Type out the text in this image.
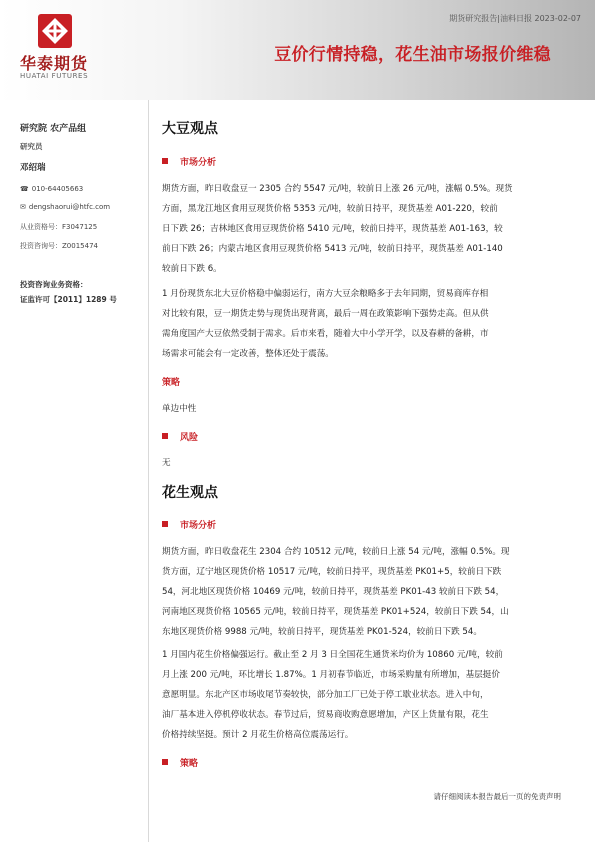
华泰期货
HUATAI FUTURES
期货研究报告|油料日报 2023-02-07
豆价行情持稳，花生油市场报价维稳
研究院 农产品组
研究员
邓绍瑞
☎ 010-64405663
✉ dengshaorui@htfc.com
从业资格号：F3047125
投资咨询号：Z0015474
投资咨询业务资格：
证监许可【2011】1289 号
大豆观点
市场分析
期货方面，昨日收盘豆一 2305 合约 5547 元/吨，较前日上涨 26 元/吨，涨幅 0.5%。现货
方面，黑龙江地区食用豆现货价格 5353 元/吨，较前日持平，现货基差 A01-220，较前
日下跌 26；吉林地区食用豆现货价格 5410 元/吨，较前日持平，现货基差 A01-163，较
前日下跌 26；内蒙古地区食用豆现货价格 5413 元/吨，较前日持平，现货基差 A01-140
较前日下跌 6。
1 月份现货东北大豆价格稳中偏弱运行，南方大豆余粮略多于去年同期，贸易商库存相
对比较有限，豆一期货走势与现货出现背离，最后一周在政策影响下强势走高。但从供
需角度国产大豆依然受制于需求。后市来看，随着大中小学开学，以及春耕的备耕，市
场需求可能会有一定改善，整体还处于震荡。
策略
单边中性
风险
无
花生观点
市场分析
期货方面，昨日收盘花生 2304 合约 10512 元/吨，较前日上涨 54 元/吨，涨幅 0.5%。现
货方面，辽宁地区现货价格 10517 元/吨，较前日持平，现货基差 PK01+5，较前日下跌
54，河北地区现货价格 10469 元/吨，较前日持平，现货基差 PK01-43 较前日下跌 54，
河南地区现货价格 10565 元/吨，较前日持平，现货基差 PK01+524，较前日下跌 54，山
东地区现货价格 9988 元/吨，较前日持平，现货基差 PK01-524，较前日下跌 54。
1 月国内花生价格偏强运行。截止至 2 月 3 日全国花生通货米均价为 10860 元/吨，较前
月上涨 200 元/吨，环比增长 1.87%。1 月初春节临近，市场采购量有所增加，基层挺价
意愿明显。东北产区市场收尾节奏较快，部分加工厂已处于停工歇业状态。进入中旬，
油厂基本进入停机停收状态。春节过后，贸易商收购意愿增加，产区上货量有限，花生
价格持续坚挺。预计 2 月花生价格高位震荡运行。
策略
请仔细阅读本报告最后一页的免责声明
